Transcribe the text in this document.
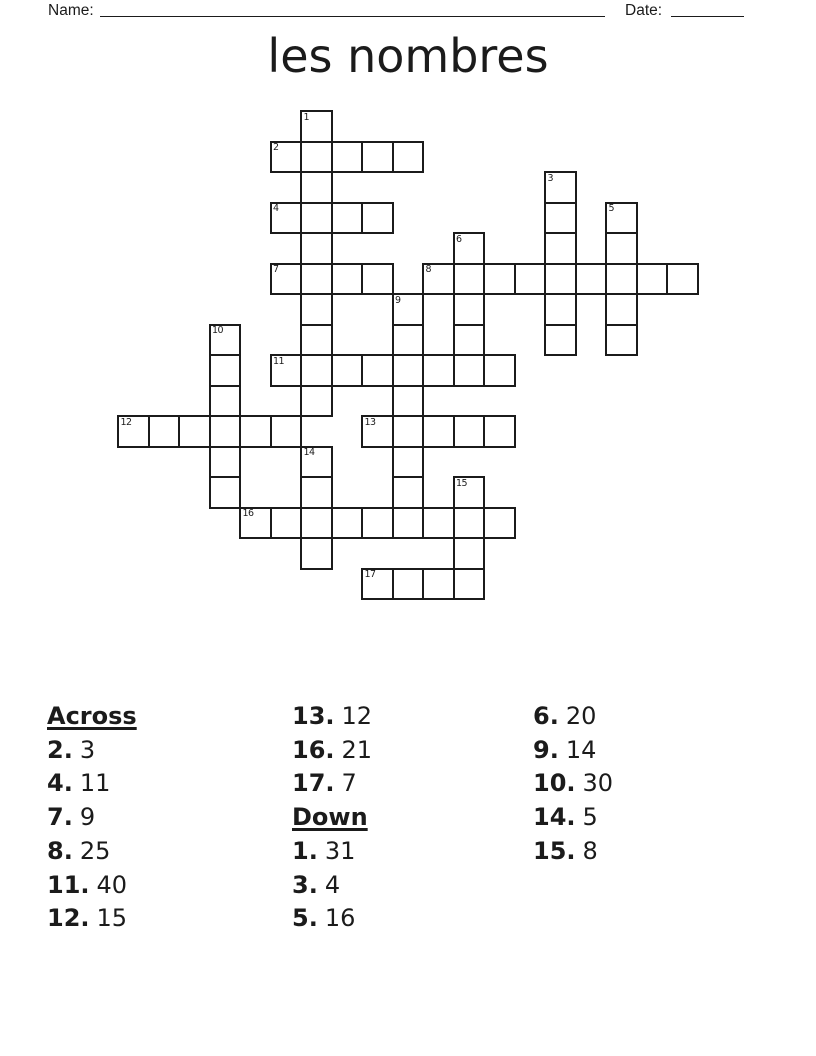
Name:	Date:
les nombres
1
2
3
4	5
6
7	8
9
10
11
12	13
14
15
16
17
Across
2. 3
4. 11
7. 9
8. 25
11. 40
12. 15
13. 12
16. 21
17. 7
Down
1. 31
3. 4
5. 16
6. 20
9. 14
10. 30
14. 5
15. 8
